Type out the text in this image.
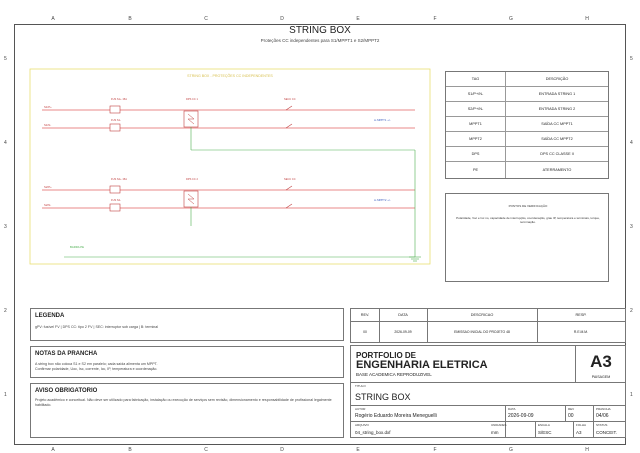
A	B	C	D	E	F	G	H
A	B	C	D	E	F	G	H
5
4
3
2
1
5
4
3
2
1
STRING BOX
Proteções CC independentes para S1/MPPT1 e S2/MPPT2
STRING BOX - PROTEÇÕES CC INDEPENDENTES
S1/P+
S1/N-
FUS S1+ 15A
FUS S1-
DPS CC 1	SECC CC
to MPPT1 +/-
S2/P+
S2/N-
FUS S2+ 15A
FUS S2-
DPS CC 2	SECC CC
to MPPT2 +/-
BARRA PE
TAG	DESCRIÇÃO
S1/P+/N-	ENTRADA STRING 1
S2/P+/N-	ENTRADA STRING 2
MPPT1	SAÍDA CC MPPT1
MPPT2	SAÍDA CC MPPT2
DPS	DPS CC CLASSE II
PE	ATERRAMENTO
PONTOS DE VERIFICAÇÃO
Polaridade, Voc e Isc no, capacidade de interrupção, coordenação, grau IP, temperatura e terminais, torque, terminação.
LEGENDA
gPV: fusível FV | DPS CC: tipo 2 FV | SEC: interruptor sob carga | B: terminal
NOTAS DA PRANCHA
A string box não coloca S1 e S2 em paralelo; cada saída alimenta um MPPT.
Confirmar polaridade, Uoc, Isc, corrente, Icc, IP, temperatura e coordenação.
AVISO OBRIGATORIO
Projeto acadêmico e conceitual. Não deve ser utilizado para fabricação, instalação ou execução de serviços sem revisão, dimensionamento e responsabilidade de profissional legalmente habilitado.
REV.	DATA	DESCRICAO	RESP.
00	2026-09-09	EMISSAO INICIAL DO PROJETO 48	R.E.M.M.
PORTFOLIO DE
ENGENHARIA ELETRICA
BASE ACADEMICA REPRODUZIVEL
A3
PAISAGEM
TITULO
STRING BOX
AUTOR
Rogério Eduardo Moreira Meneguelli
DATA
2026-09-09
REV
00
PRANCHA
04/06
ARQUIVO
04_string_box.dxf
UNIDADES
mm
ESCALA
S/ESC
FOLHA
A3
STATUS
CONCEIT.
